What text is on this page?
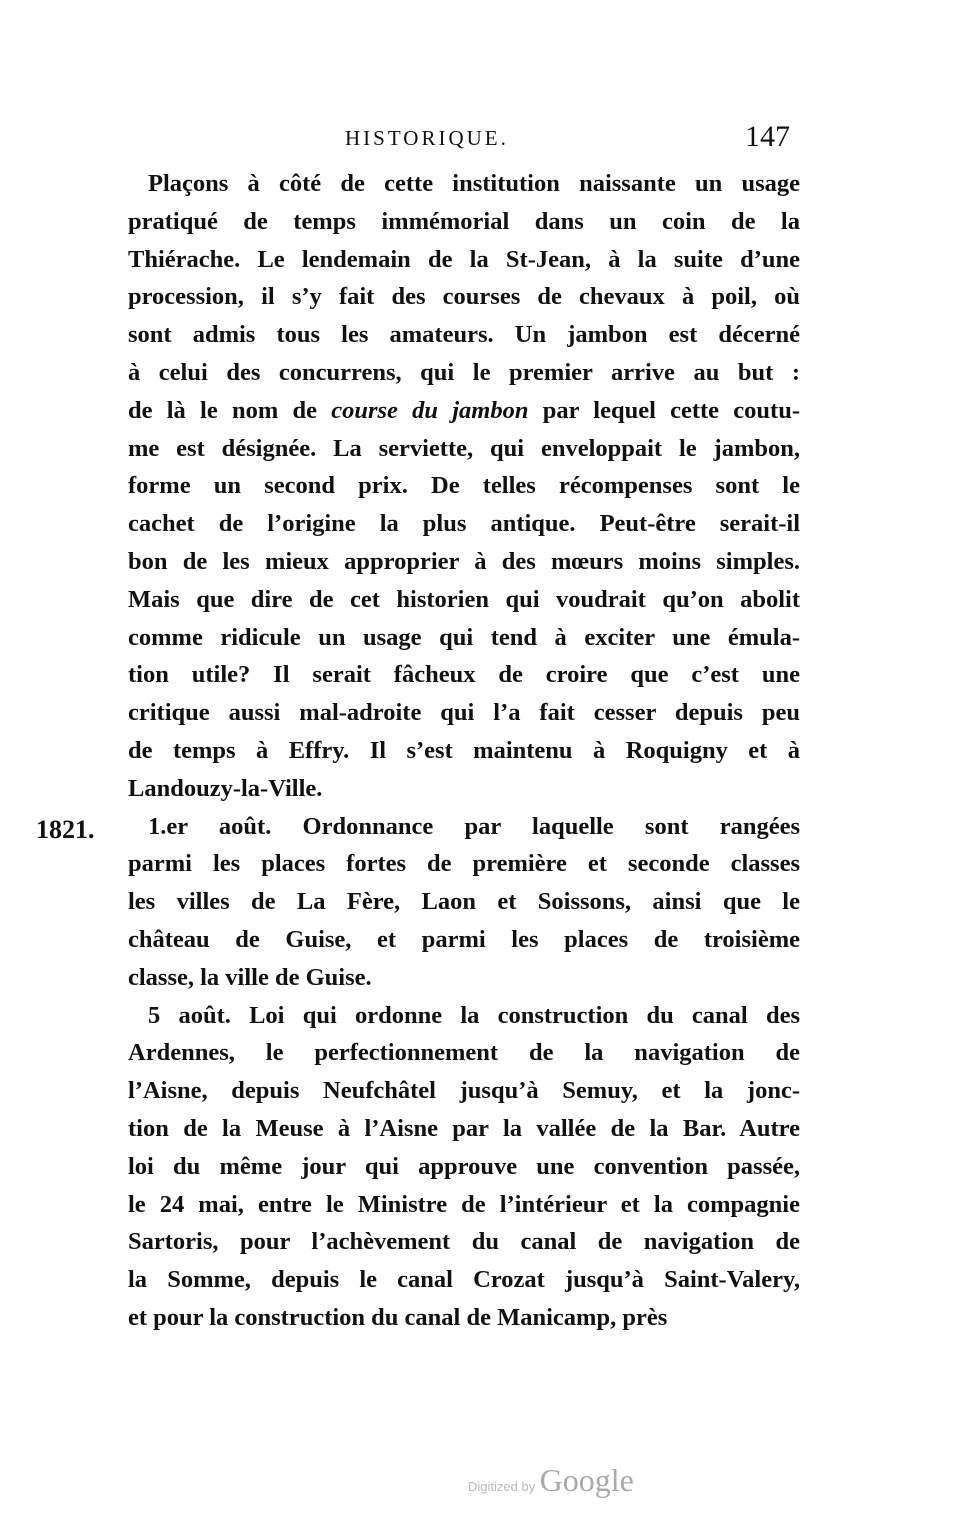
HISTORIQUE.	147
1821.
Plaçons à côté de cette institution naissante un usage
pratiqué de temps immémorial dans un coin de la
Thiérache. Le lendemain de la St-Jean, à la suite d’une
procession, il s’y fait des courses de chevaux à poil, où
sont admis tous les amateurs. Un jambon est décerné
à celui des concurrens, qui le premier arrive au but :
de là le nom de course du jambon par lequel cette coutu-
me est désignée. La serviette, qui enveloppait le jambon,
forme un second prix. De telles récompenses sont le
cachet de l’origine la plus antique. Peut-être serait-il
bon de les mieux approprier à des mœurs moins simples.
Mais que dire de cet historien qui voudrait qu’on abolit
comme ridicule un usage qui tend à exciter une émula-
tion utile? Il serait fâcheux de croire que c’est une
critique aussi mal-adroite qui l’a fait cesser depuis peu
de temps à Effry. Il s’est maintenu à Roquigny et à
Landouzy-la-Ville.
1.er août. Ordonnance par laquelle sont rangées
parmi les places fortes de première et seconde classes
les villes de La Fère, Laon et Soissons, ainsi que le
château de Guise, et parmi les places de troisième
classe, la ville de Guise.
5 août. Loi qui ordonne la construction du canal des
Ardennes, le perfectionnement de la navigation de
l’Aisne, depuis Neufchâtel jusqu’à Semuy, et la jonc-
tion de la Meuse à l’Aisne par la vallée de la Bar. Autre
loi du même jour qui approuve une convention passée,
le 24 mai, entre le Ministre de l’intérieur et la compagnie
Sartoris, pour l’achèvement du canal de navigation de
la Somme, depuis le canal Crozat jusqu’à Saint-Valery,
et pour la construction du canal de Manicamp, près
Digitized by Google
